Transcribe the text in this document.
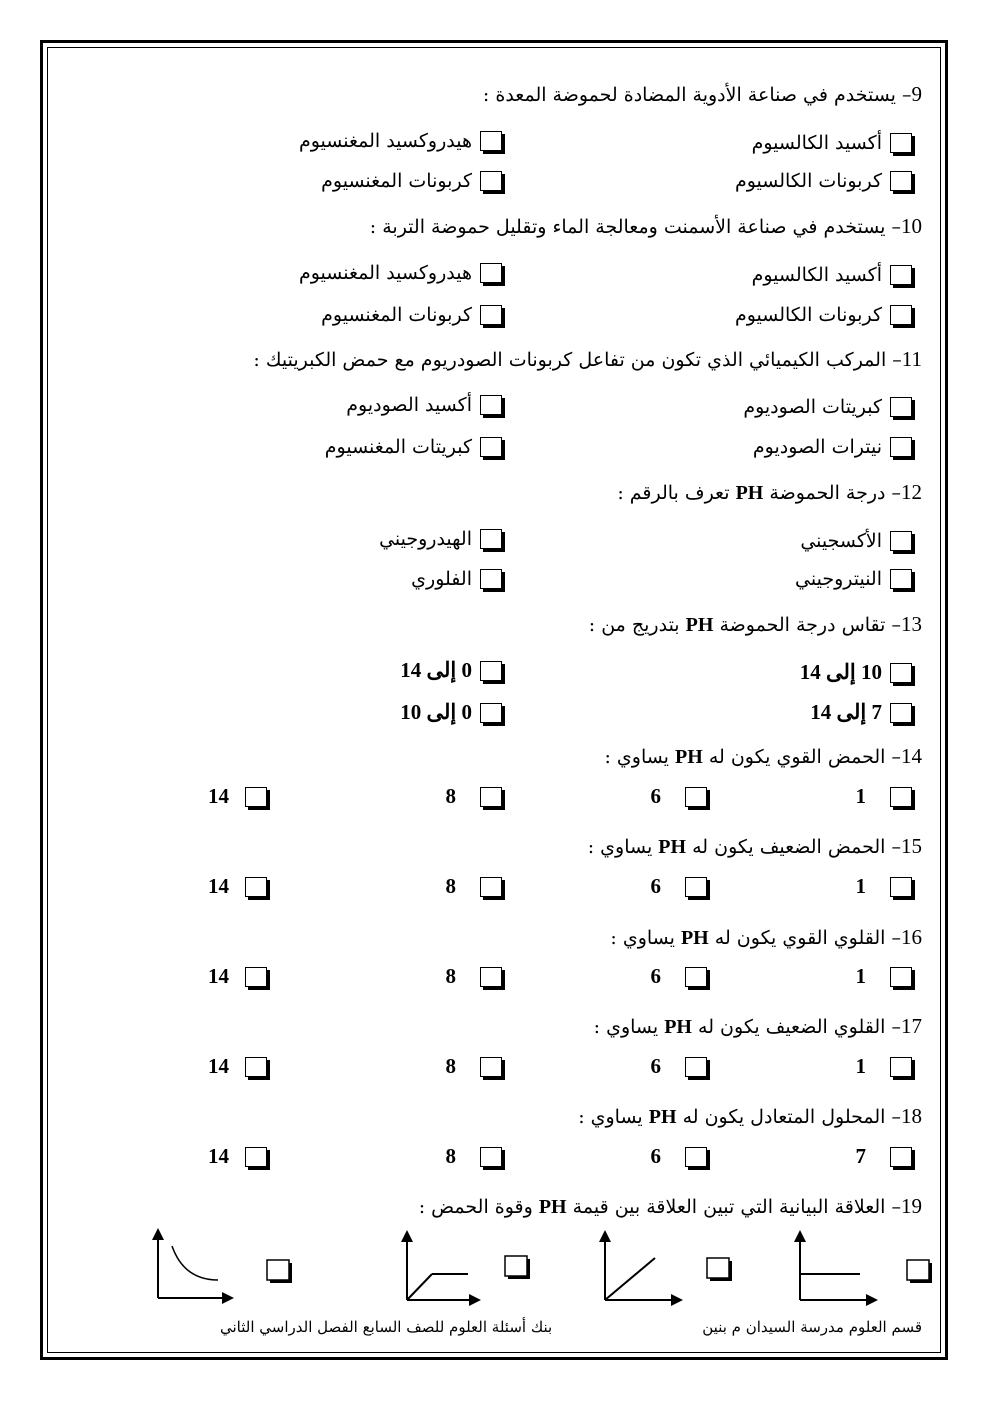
9– يستخدم في صناعة الأدوية المضادة لحموضة المعدة :
أكسيد الكالسيوم
هيدروكسيد المغنسيوم
كربونات الكالسيوم
كربونات المغنسيوم
10– يستخدم في صناعة الأسمنت ومعالجة الماء وتقليل حموضة التربة :
أكسيد الكالسيوم
هيدروكسيد المغنسيوم
كربونات الكالسيوم
كربونات المغنسيوم
11– المركب الكيميائي الذي تكون من تفاعل كربونات الصودريوم مع حمض الكبريتيك :
كبريتات الصوديوم
أكسيد الصوديوم
نيترات الصوديوم
كبريتات المغنسيوم
12– درجة الحموضة PH تعرف بالرقم :
الأكسجيني
الهيدروجيني
النيتروجيني
الفلوري
13– تقاس درجة الحموضة PH بتدريج من :
10 إلى 14
0 إلى 14
7 إلى 14
0 إلى 10
14– الحمض القوي يكون له PH يساوي :
1
6
8
14
15– الحمض الضعيف يكون له PH يساوي :
1
6
8
14
16– القلوي القوي يكون له PH يساوي :
1
6
8
14
17– القلوي الضعيف يكون له PH يساوي :
1
6
8
14
18– المحلول المتعادل يكون له PH يساوي :
7
6
8
14
19– العلاقة البيانية التي تبين العلاقة بين قيمة PH وقوة الحمض :
بنك أسئلة العلوم للصف السابع الفصل الدراسي الثاني	قسم العلوم مدرسة السيدان م بنين
